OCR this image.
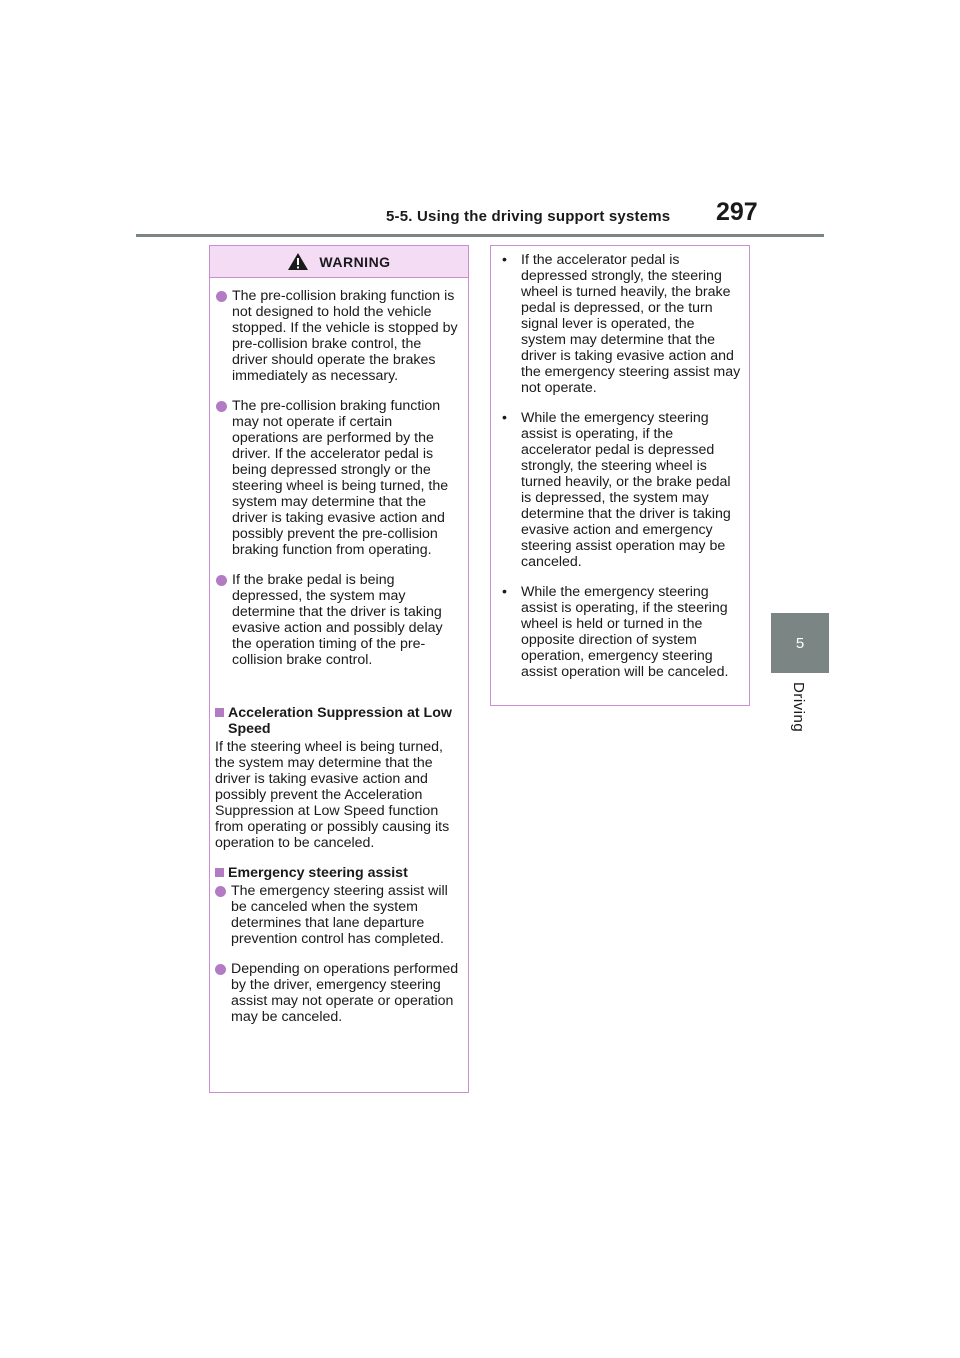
5-5. Using the driving support systems 297
5
Driving
WARNING
The pre-collision braking function is not designed to hold the vehicle stopped. If the vehicle is stopped by pre-collision brake control, the driver should operate the brakes immediately as necessary.
The pre-collision braking function may not operate if certain operations are performed by the driver. If the accelerator pedal is being depressed strongly or the steering wheel is being turned, the system may determine that the driver is taking evasive action and possibly prevent the pre-collision braking function from operating.
If the brake pedal is being depressed, the system may determine that the driver is taking evasive action and possibly delay the operation timing of the pre-collision brake control.
Acceleration Suppression at Low Speed
If the steering wheel is being turned, the system may determine that the driver is taking evasive action and possibly prevent the Acceleration Suppression at Low Speed function from operating or possibly causing its operation to be canceled.
Emergency steering assist
The emergency steering assist will be canceled when the system determines that lane departure prevention control has completed.
Depending on operations performed by the driver, emergency steering assist may not operate or operation may be canceled.
• If the accelerator pedal is depressed strongly, the steering wheel is turned heavily, the brake pedal is depressed, or the turn signal lever is operated, the system may determine that the driver is taking evasive action and the emergency steering assist may not operate.
• While the emergency steering assist is operating, if the accelerator pedal is depressed strongly, the steering wheel is turned heavily, or the brake pedal is depressed, the system may determine that the driver is taking evasive action and emergency steering assist operation may be canceled.
• While the emergency steering assist is operating, if the steering wheel is held or turned in the opposite direction of system operation, emergency steering assist operation will be canceled.
